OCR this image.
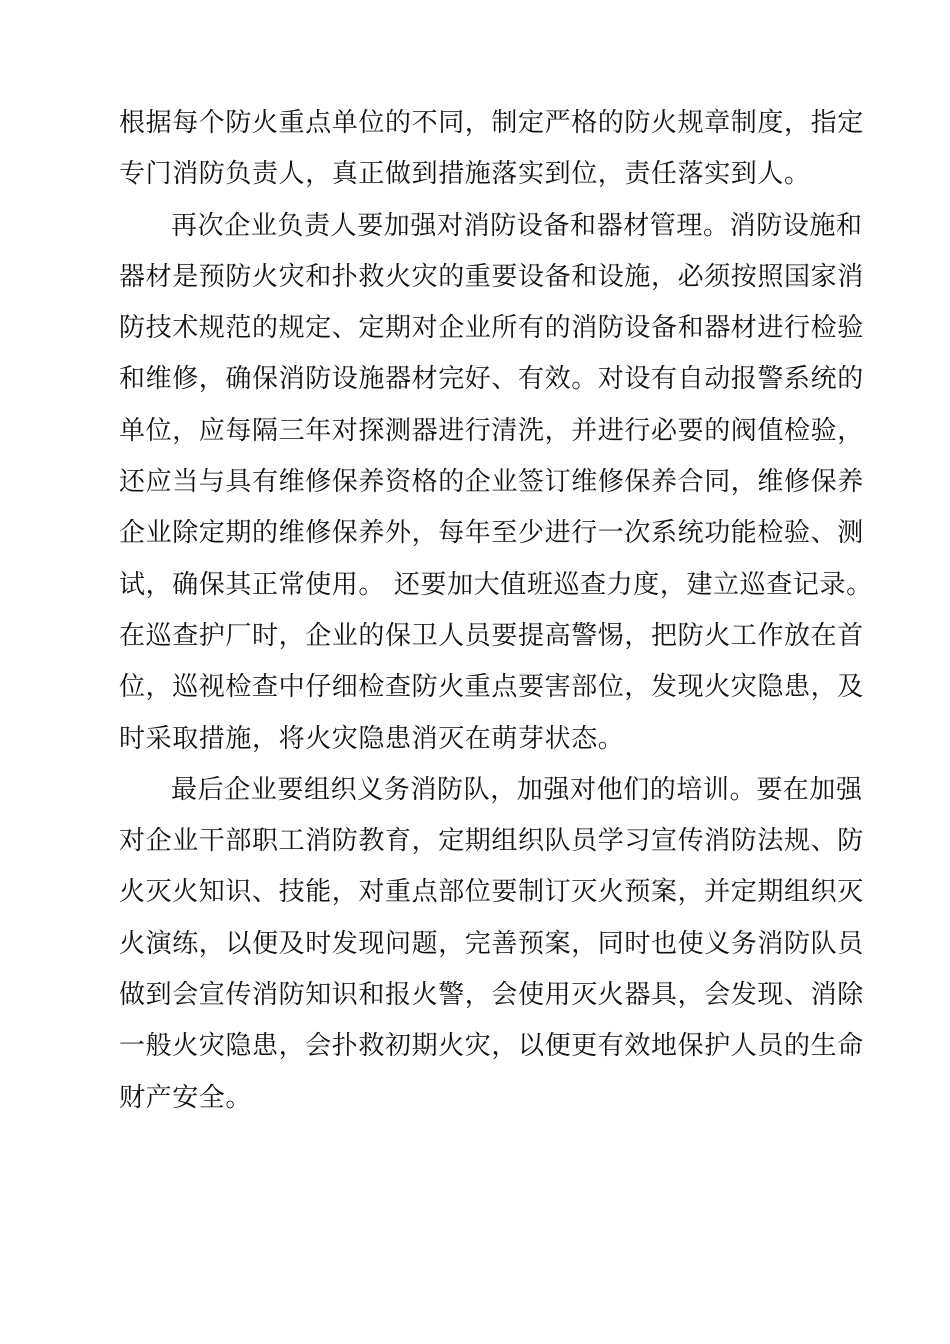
根据每个防火重点单位的不同，制定严格的防火规章制度，指定
专门消防负责人，真正做到措施落实到位，责任落实到人。
再次企业负责人要加强对消防设备和器材管理。消防设施和
器材是预防火灾和扑救火灾的重要设备和设施，必须按照国家消
防技术规范的规定、定期对企业所有的消防设备和器材进行检验
和维修，确保消防设施器材完好、有效。对设有自动报警系统的
单位，应每隔三年对探测器进行清洗，并进行必要的阀值检验，
还应当与具有维修保养资格的企业签订维修保养合同，维修保养
企业除定期的维修保养外，每年至少进行一次系统功能检验、测
试，确保其正常使用。 还要加大值班巡查力度，建立巡查记录。
在巡查护厂时，企业的保卫人员要提高警惕，把防火工作放在首
位，巡视检查中仔细检查防火重点要害部位，发现火灾隐患，及
时采取措施，将火灾隐患消灭在萌芽状态。
最后企业要组织义务消防队，加强对他们的培训。要在加强
对企业干部职工消防教育，定期组织队员学习宣传消防法规、防
火灭火知识、技能，对重点部位要制订灭火预案，并定期组织灭
火演练，以便及时发现问题，完善预案，同时也使义务消防队员
做到会宣传消防知识和报火警，会使用灭火器具，会发现、消除
一般火灾隐患，会扑救初期火灾，以便更有效地保护人员的生命
财产安全。
